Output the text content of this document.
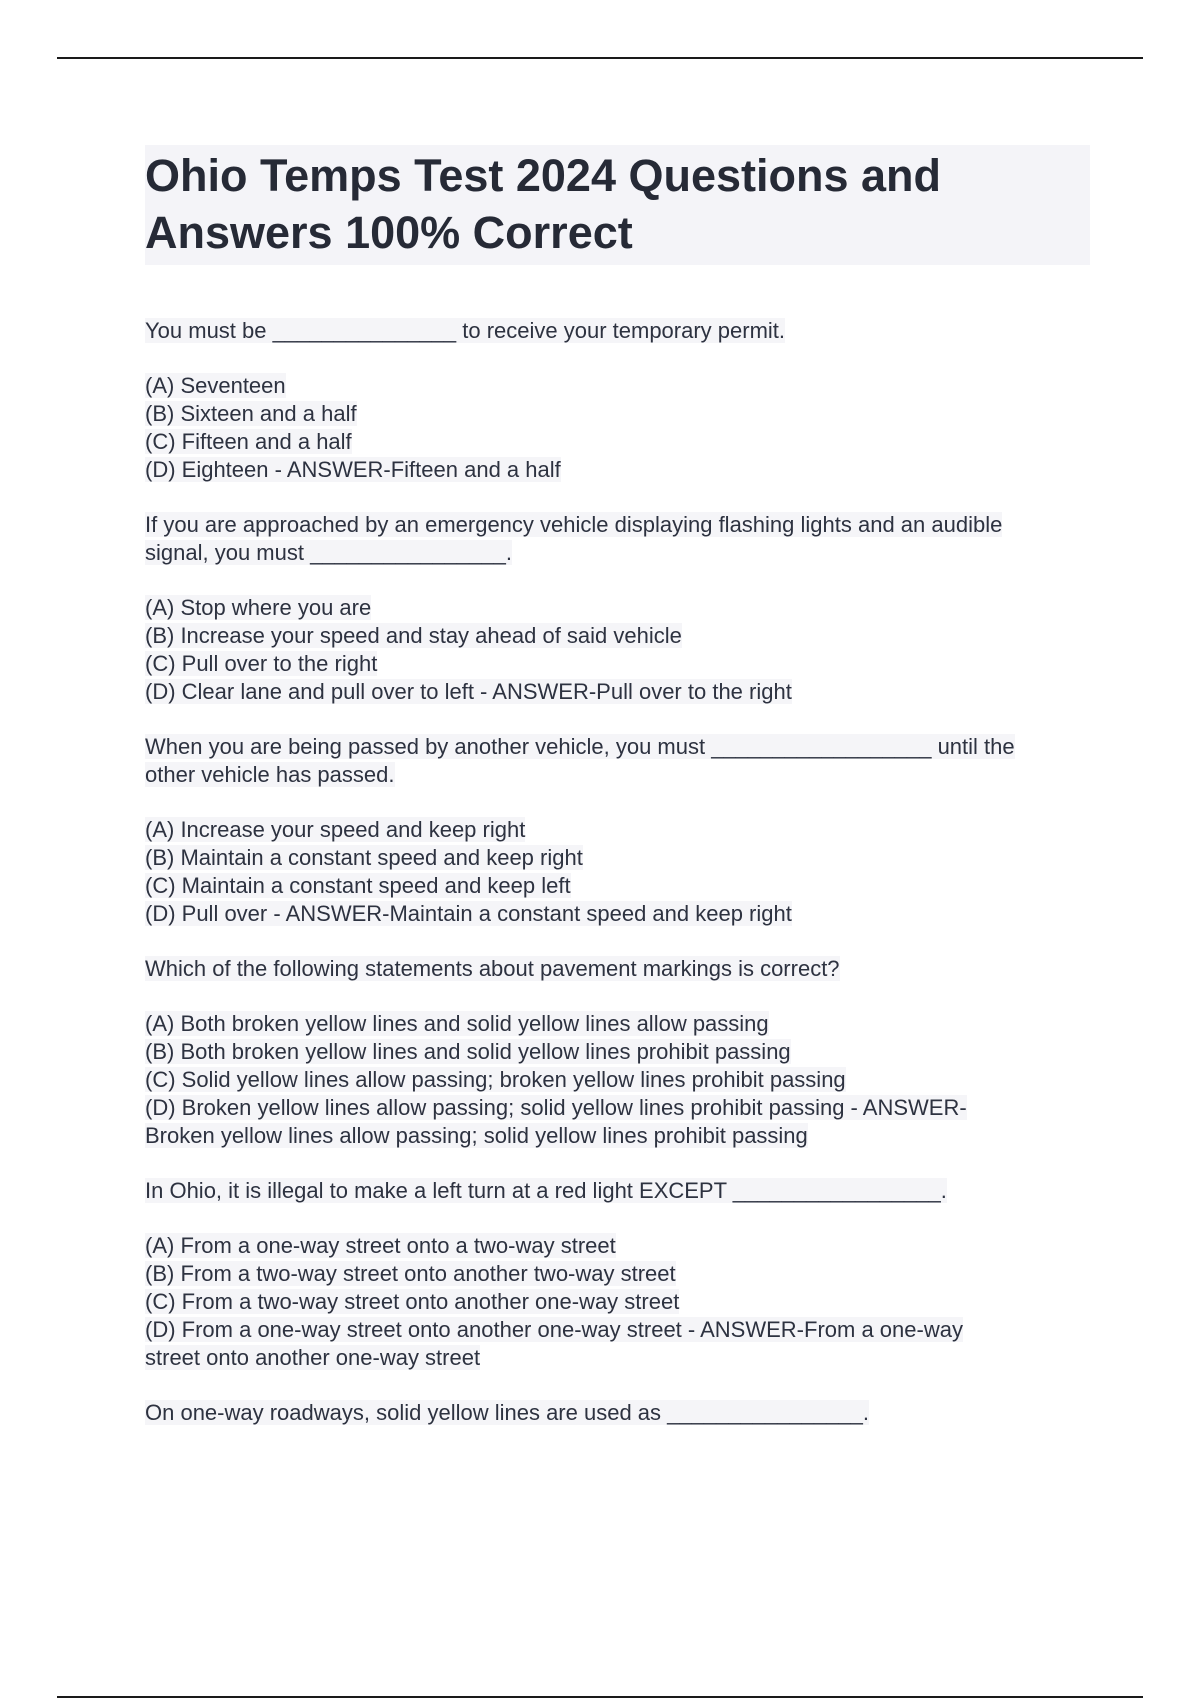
Ohio Temps Test 2024 Questions and
Answers 100% Correct

You must be _______________ to receive your temporary permit.

(A) Seventeen
(B) Sixteen and a half
(C) Fifteen and a half
(D) Eighteen - ANSWER-Fifteen and a half

If you are approached by an emergency vehicle displaying flashing lights and an audible
signal, you must ________________.

(A) Stop where you are
(B) Increase your speed and stay ahead of said vehicle
(C) Pull over to the right
(D) Clear lane and pull over to left - ANSWER-Pull over to the right

When you are being passed by another vehicle, you must __________________ until the
other vehicle has passed.

(A) Increase your speed and keep right
(B) Maintain a constant speed and keep right
(C) Maintain a constant speed and keep left
(D) Pull over - ANSWER-Maintain a constant speed and keep right

Which of the following statements about pavement markings is correct?

(A) Both broken yellow lines and solid yellow lines allow passing
(B) Both broken yellow lines and solid yellow lines prohibit passing
(C) Solid yellow lines allow passing; broken yellow lines prohibit passing
(D) Broken yellow lines allow passing; solid yellow lines prohibit passing - ANSWER-
Broken yellow lines allow passing; solid yellow lines prohibit passing

In Ohio, it is illegal to make a left turn at a red light EXCEPT _________________.

(A) From a one-way street onto a two-way street
(B) From a two-way street onto another two-way street
(C) From a two-way street onto another one-way street
(D) From a one-way street onto another one-way street - ANSWER-From a one-way
street onto another one-way street

On one-way roadways, solid yellow lines are used as ________________.
